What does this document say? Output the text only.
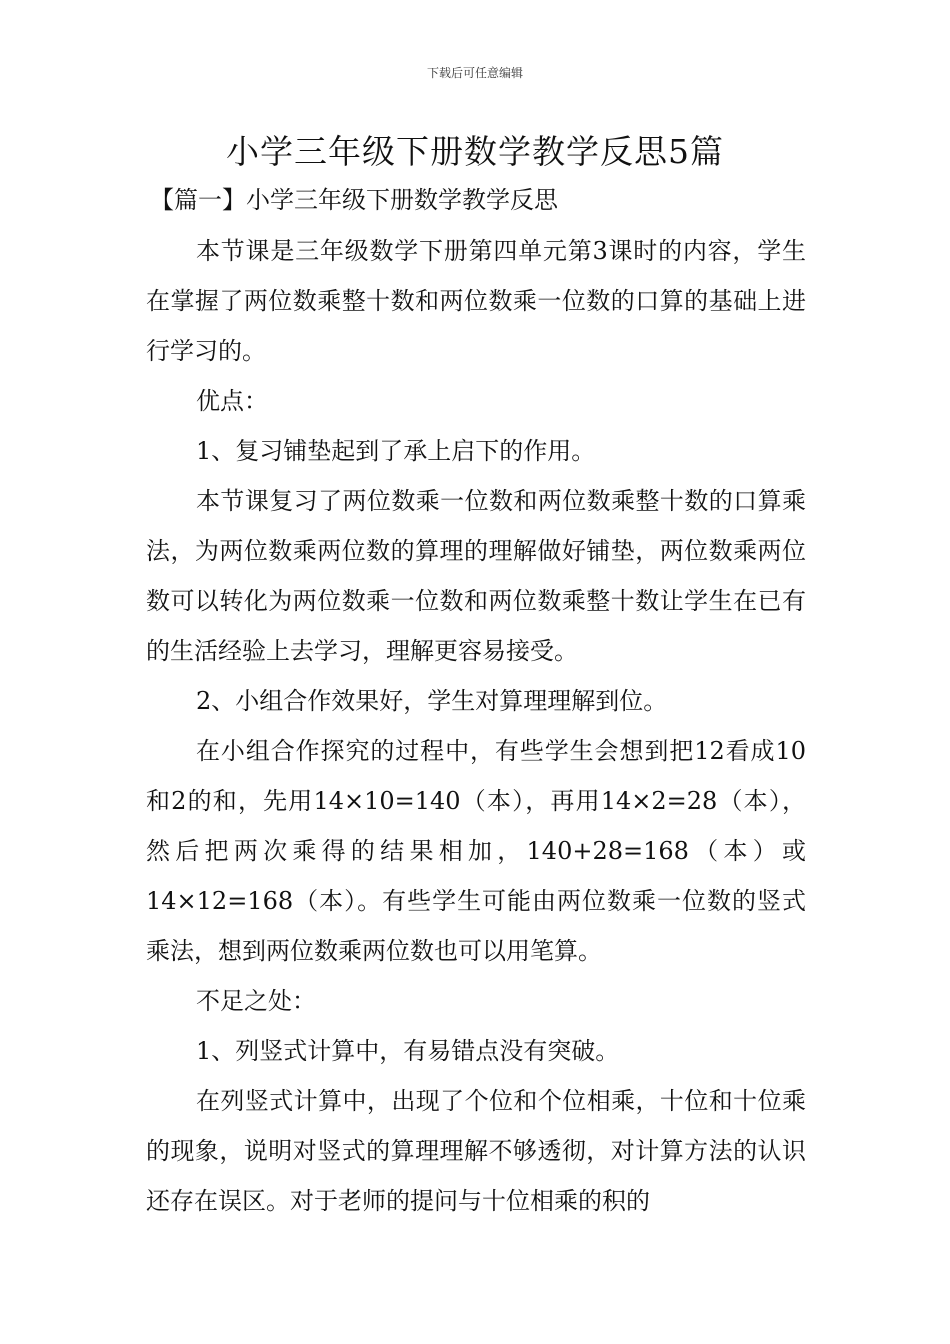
下载后可任意编辑
小学三年级下册数学教学反思5篇
【篇一】小学三年级下册数学教学反思

本节课是三年级数学下册第四单元第3课时的内容，学生在掌握了两位数乘整十数和两位数乘一位数的口算的基础上进行学习的。

优点：

1、复习铺垫起到了承上启下的作用。

本节课复习了两位数乘一位数和两位数乘整十数的口算乘法，为两位数乘两位数的算理的理解做好铺垫，两位数乘两位数可以转化为两位数乘一位数和两位数乘整十数让学生在已有的生活经验上去学习，理解更容易接受。

2、小组合作效果好，学生对算理理解到位。

在小组合作探究的过程中，有些学生会想到把12看成10和2的和，先用14×10=140（本），再用14×2=28（本），然后把两次乘得的结果相加，140+28=168（本）或14×12=168（本）。有些学生可能由两位数乘一位数的竖式乘法，想到两位数乘两位数也可以用笔算。

不足之处：

1、列竖式计算中，有易错点没有突破。

在列竖式计算中，出现了个位和个位相乘，十位和十位乘的现象，说明对竖式的算理理解不够透彻，对计算方法的认识还存在误区。对于老师的提问与十位相乘的积的
